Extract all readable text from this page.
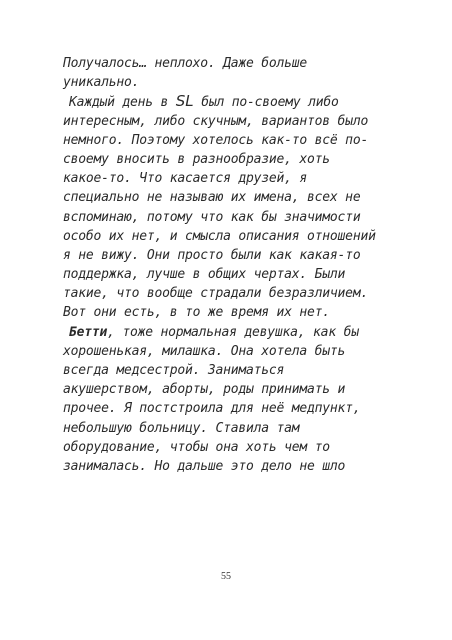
Получалось… неплохо. Даже больше
уникально.
Каждый день в SL был по-своему либо
интересным, либо скучным, вариантов было
немного. Поэтому хотелось как-то всё по-
своему вносить в разнообразие, хоть
какое-то. Что касается друзей, я
специально не называю их имена, всех не
вспоминаю, потому что как бы значимости
особо их нет, и смысла описания отношений
я не вижу. Они просто были как какая-то
поддержка, лучше в общих чертах. Были
такие, что вообще страдали безразличием.
Вот они есть, в то же время их нет.
Бетти, тоже нормальная девушка, как бы
хорошенькая, милашка. Она хотела быть
всегда медсестрой. Заниматься
акушерством, аборты, роды принимать и
прочее. Я постстроила для неё медпункт,
небольшую больницу. Ставила там
оборудование, чтобы она хоть чем то
занималась. Но дальше это дело не шло
55
